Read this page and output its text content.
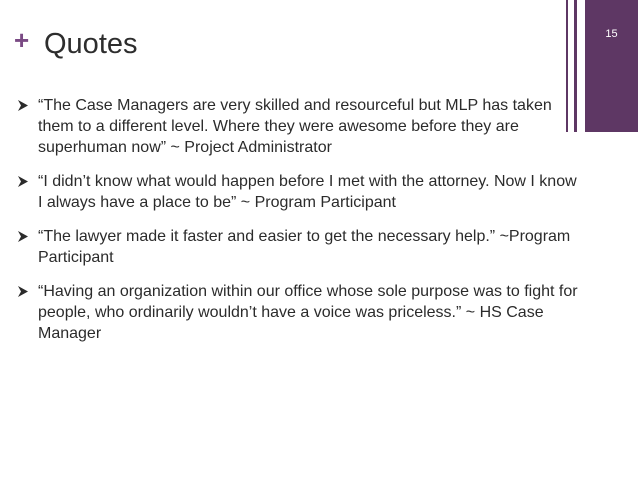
15
+ Quotes
“The Case Managers are very skilled and resourceful but MLP has taken them to a different level. Where they were awesome before they are superhuman now” ~ Project Administrator
“I didn’t know what would happen before I met with the attorney. Now I know I always have a place to be” ~ Program Participant
“The lawyer made it faster and easier to get the necessary help.” ~Program Participant
“Having an organization within our office whose sole purpose was to fight for people, who ordinarily wouldn’t have a voice was priceless.” ~ HS Case Manager
